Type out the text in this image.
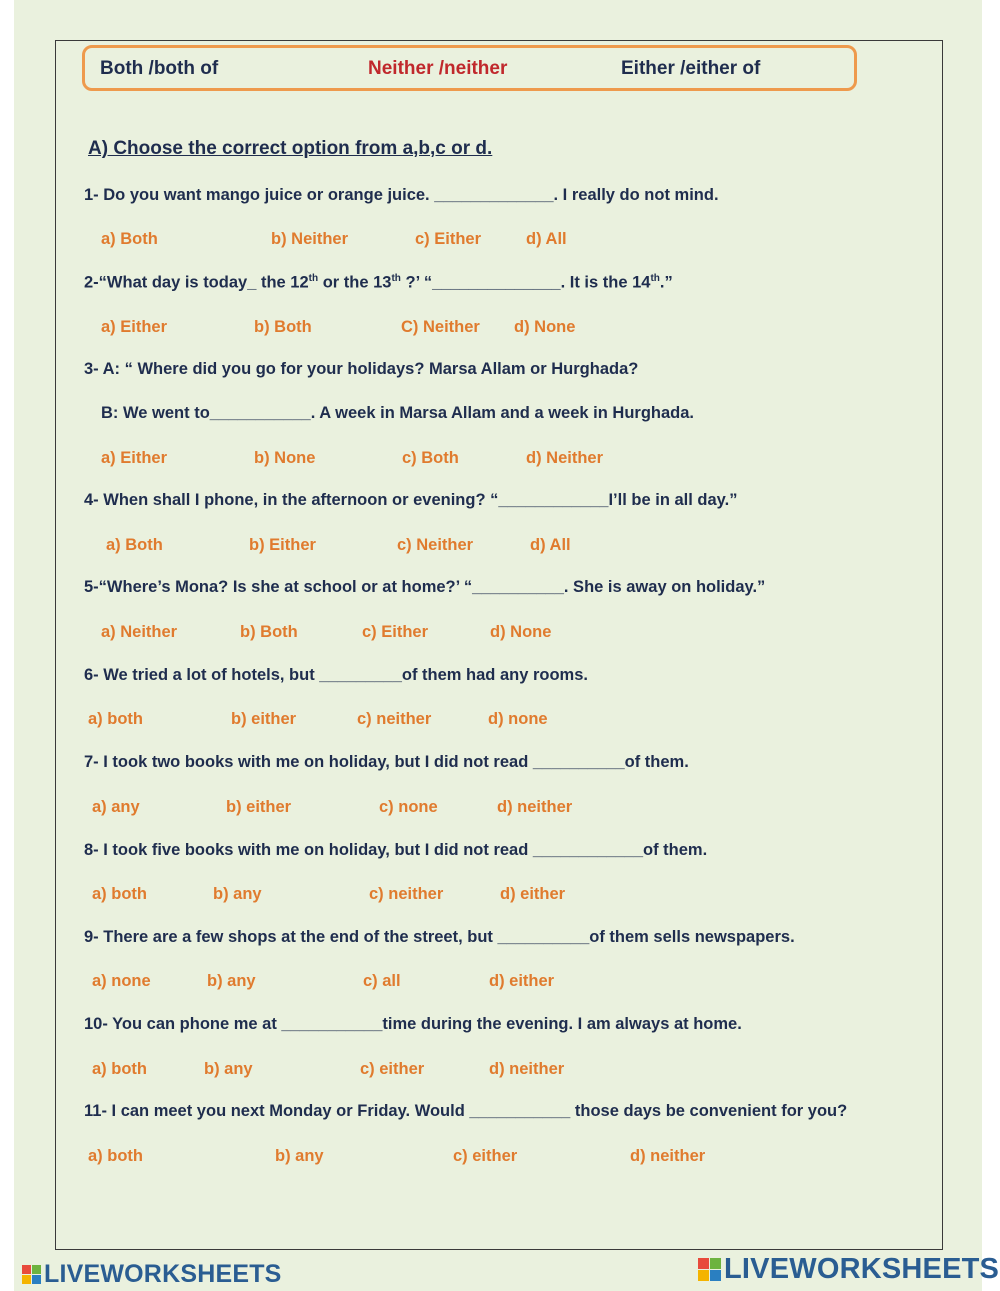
Both /both of	Neither /neither	Either /either of
A) Choose the correct option from a,b,c or d.
1- Do you want mango juice or orange juice. _____________. I really do not mind.
a) Both	b) Neither	c) Either	d) All
2-“What day is today_ the 12th or the 13th ?’ “______________. It is the 14th.”
a) Either	b) Both	C) Neither d) None
3- A: “ Where did you go for your holidays? Marsa Allam or Hurghada?
B: We went to___________. A week in Marsa Allam and a week in Hurghada.
a) Either	b) None	c) Both	d) Neither
4- When shall I phone, in the afternoon or evening? “____________I’ll be in all day.”
a) Both	b) Either	c) Neither	d) All
5-“Where’s Mona? Is she at school or at home?’ “__________. She is away on holiday.”
a) Neither	b) Both	c) Either	d) None
6- We tried a lot of hotels, but _________of them had any rooms.
a) both	b) either	c) neither	d) none
7- I took two books with me on holiday, but I did not read __________of them.
a) any	b) either	c) none	d) neither
8- I took five books with me on holiday, but I did not read ____________of them.
a) both	b) any	c) neither	d) either
9- There are a few shops at the end of the street, but __________of them sells newspapers.
a) none	b) any	c) all	d) either
10- You can phone me at ___________time during the evening. I am always at home.
a) both	b) any	c) either	d) neither
11- I can meet you next Monday or Friday. Would ___________ those days be convenient for you?
a) both	b) any	c) either	d) neither
LIVEWORKSHEETS	LIVEWORKSHEETS
